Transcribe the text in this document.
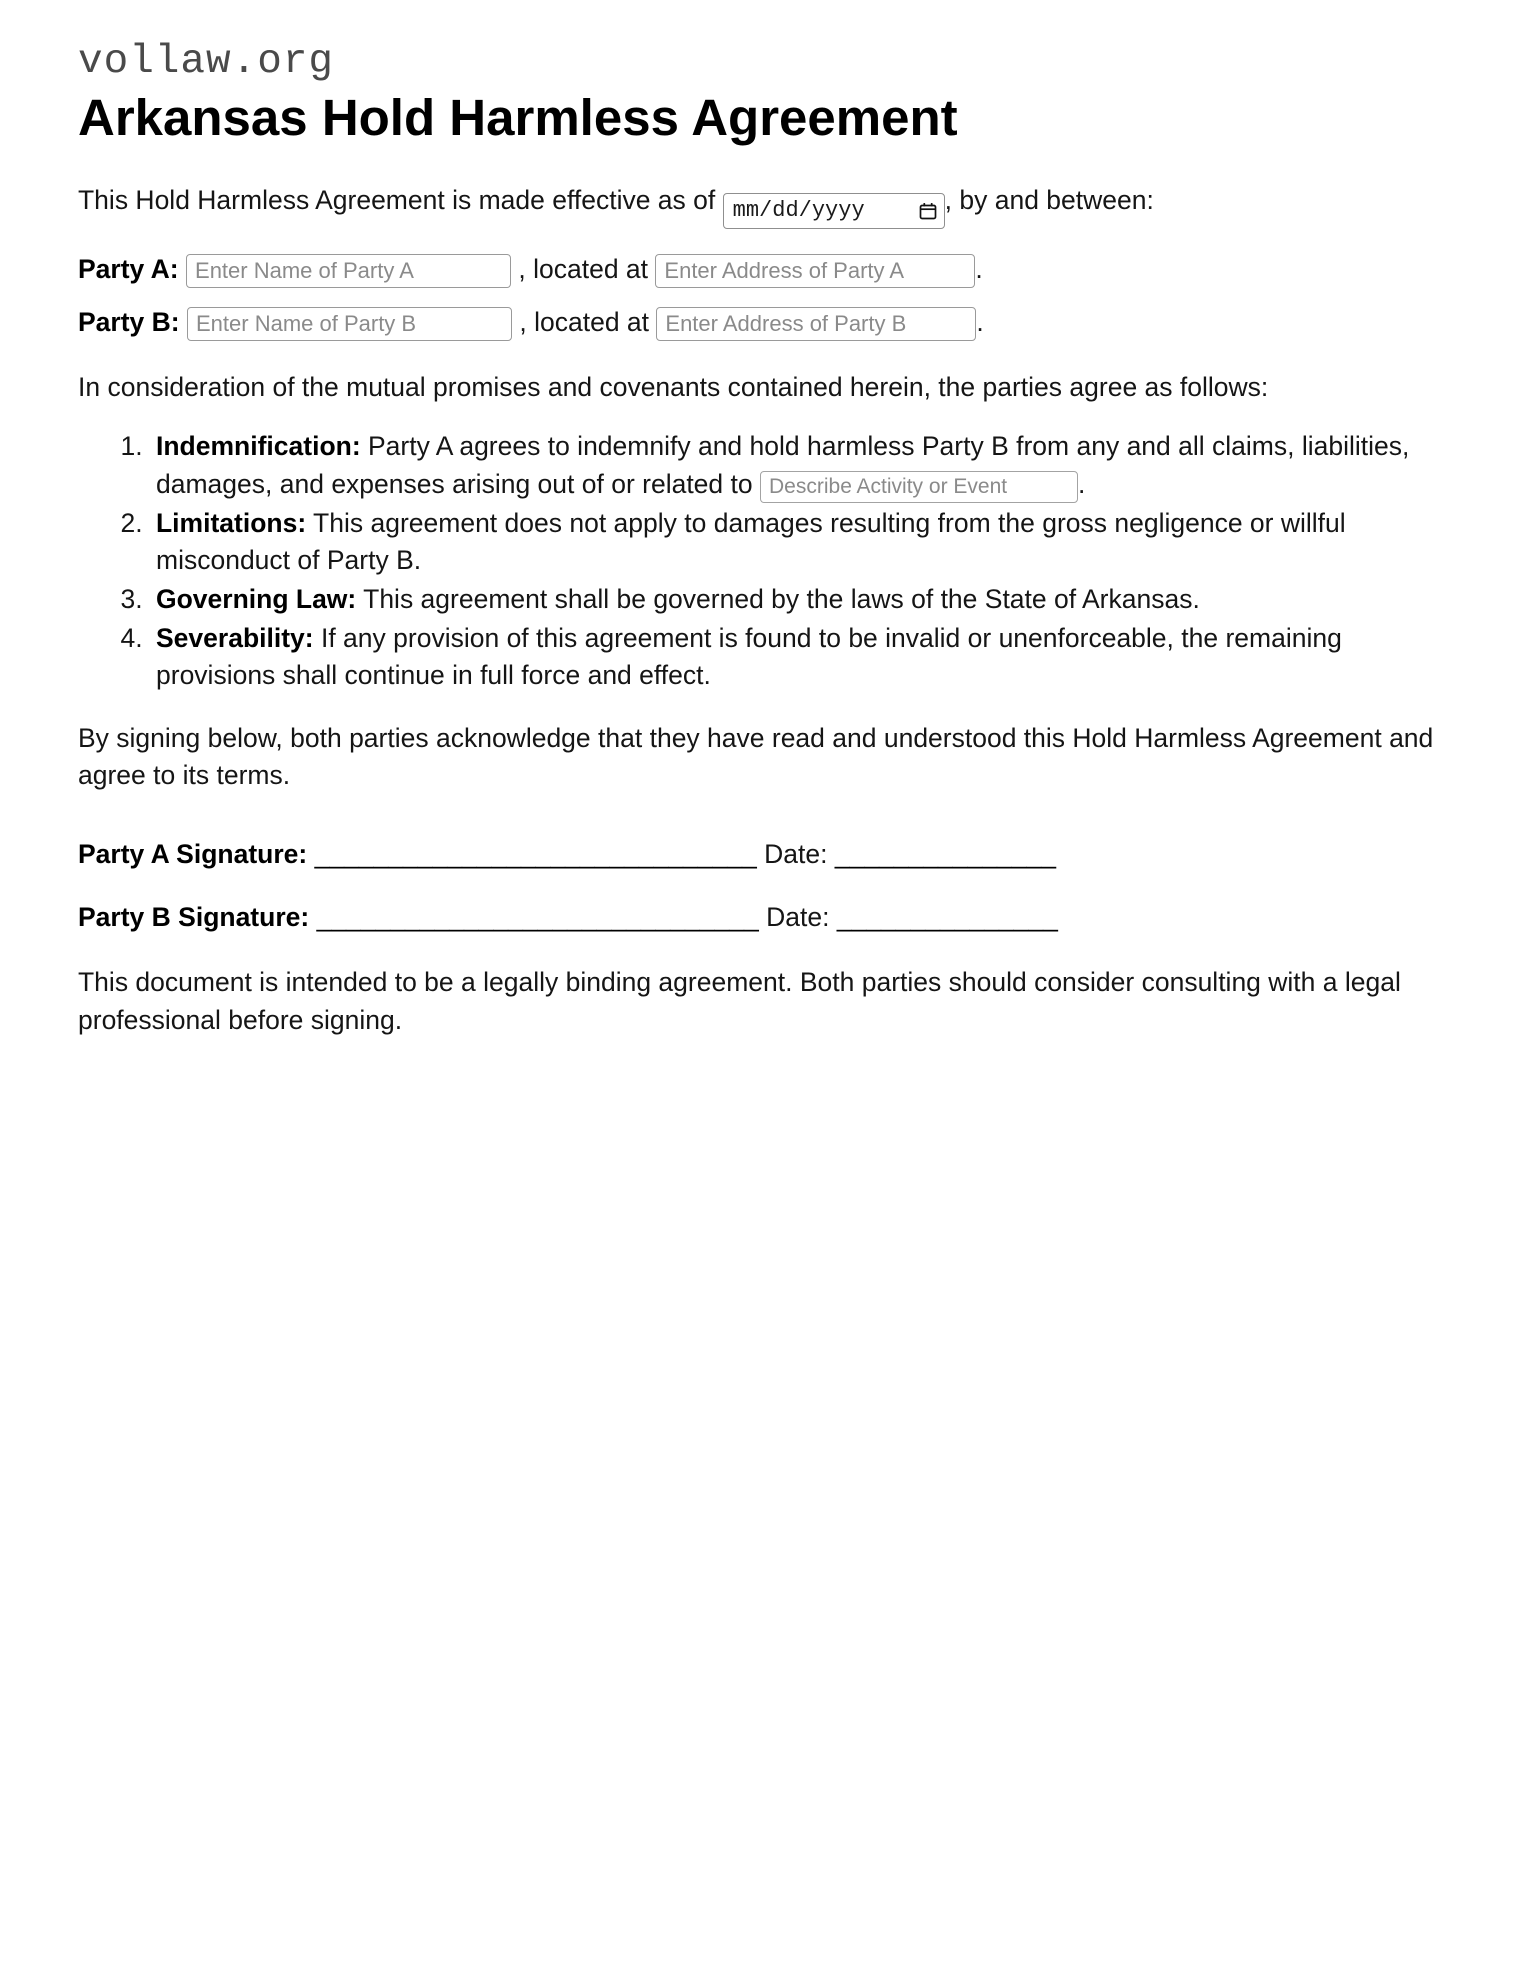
vollaw.org
Arkansas Hold Harmless Agreement

This Hold Harmless Agreement is made effective as of mm/dd/yyyy	, by and between:

Party A: Enter Name of Party A	, located at Enter Address of Party A	.
Party B: Enter Name of Party B	, located at Enter Address of Party B	.

In consideration of the mutual promises and covenants contained herein, the parties agree as follows:

1. Indemnification: Party A agrees to indemnify and hold harmless Party B from any and all claims, liabilities, damages, and expenses arising out of or related to Describe Activity or Event	.
2. Limitations: This agreement does not apply to damages resulting from the gross negligence or willful misconduct of Party B.
3. Governing Law: This agreement shall be governed by the laws of the State of Arkansas.
4. Severability: If any provision of this agreement is found to be invalid or unenforceable, the remaining provisions shall continue in full force and effect.

By signing below, both parties acknowledge that they have read and understood this Hold Harmless Agreement and agree to its terms.

Party A Signature: ______________________________ Date: _______________
Party B Signature: ______________________________ Date: _______________

This document is intended to be a legally binding agreement. Both parties should consider consulting with a legal professional before signing.
